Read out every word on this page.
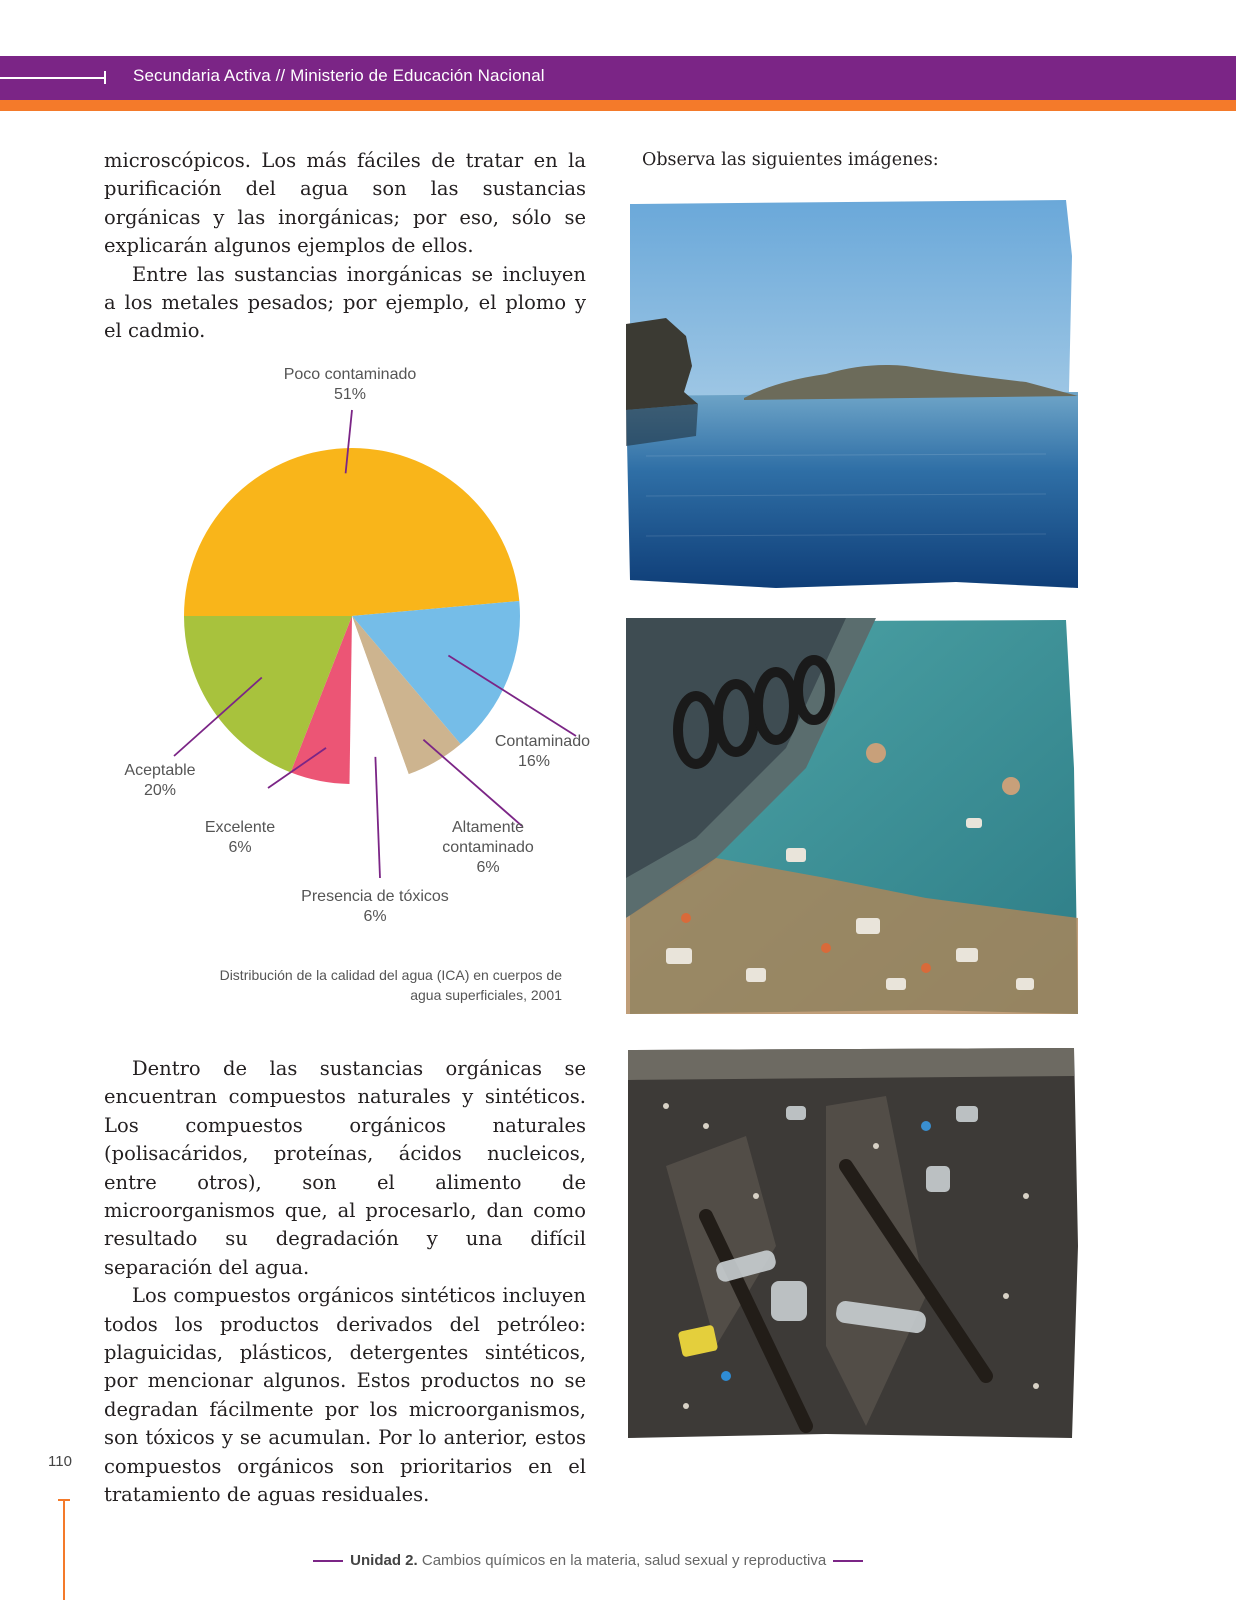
Secundaria Activa // Ministerio de Educación Nacional

microscópicos. Los más fáciles de tratar en la purificación del agua son las sustancias orgánicas y las inorgánicas; por eso, sólo se explicarán algunos ejemplos de ellos.

Entre las sustancias inorgánicas se incluyen a los metales pesados; por ejemplo, el plomo y el cadmio.

Poco contaminado
51%
Contaminado
16%
Altamente
contaminado
6%
Presencia de tóxicos
6%
Excelente
6%
Aceptable
20%
Distribución de la calidad del agua (ICA) en cuerpos de
agua superficiales, 2001

Dentro de las sustancias orgánicas se encuentran compuestos naturales y sintéticos. Los compuestos orgánicos naturales (polisacáridos, proteínas, ácidos nucleicos, entre otros), son el alimento de microorganismos que, al procesarlo, dan como resultado su degradación y una difícil separación del agua.

Los compuestos orgánicos sintéticos incluyen todos los productos derivados del petróleo: plaguicidas, plásticos, detergentes sintéticos, por mencionar algunos. Estos productos no se degradan fácilmente por los microorganismos, son tóxicos y se acumulan. Por lo anterior, estos compuestos orgánicos son prioritarios en el tratamiento de aguas residuales.

Observa las siguientes imágenes:
110
Unidad 2. Cambios químicos en la materia, salud sexual y reproductiva
